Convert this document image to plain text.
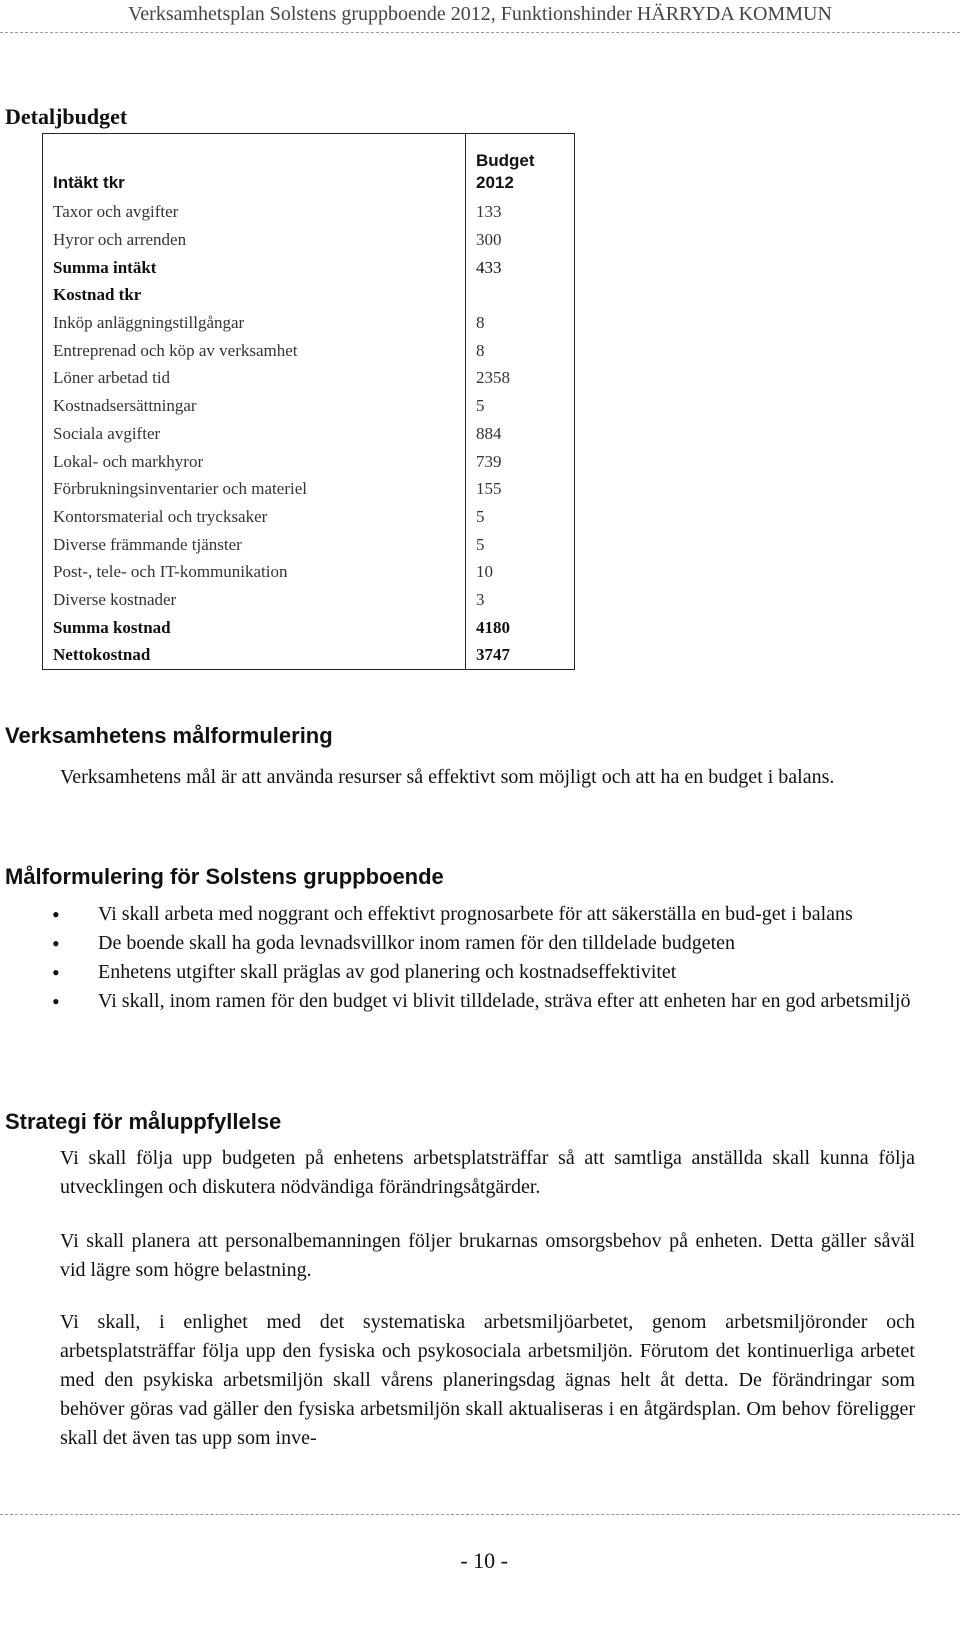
Verksamhetsplan Solstens gruppboende 2012, Funktionshinder HÄRRYDA KOMMUN
Detaljbudget
Intäkt tkr	Budget
2012

Taxor och avgifter	133
Hyror och arrenden	300
Summa intäkt	433
Kostnad tkr	
Inköp anläggningstillgångar	8
Entreprenad och köp av verksamhet	8
Löner arbetad tid	2358
Kostnadsersättningar	5
Sociala avgifter	884
Lokal- och markhyror	739
Förbrukningsinventarier och materiel	155
Kontorsmaterial och trycksaker	5
Diverse främmande tjänster	5
Post-, tele- och IT-kommunikation	10
Diverse kostnader	3
Summa kostnad	4180
Nettokostnad	3747
Verksamhetens målformulering

Verksamhetens mål är att använda resurser så effektivt som möjligt och att ha en budget i balans.

Målformulering för Solstens gruppboende
• Vi skall arbeta med noggrant och effektivt prognosarbete för att säkerställa en bud-get i balans
• De boende skall ha goda levnadsvillkor inom ramen för den tilldelade budgeten
• Enhetens utgifter skall präglas av god planering och kostnadseffektivitet
• Vi skall, inom ramen för den budget vi blivit tilldelade, sträva efter att enheten har en god arbetsmiljö
Strategi för måluppfyllelse

Vi skall följa upp budgeten på enhetens arbetsplatsträffar så att samtliga anställda skall kunna följa utvecklingen och diskutera nödvändiga förändringsåtgärder.

Vi skall planera att personalbemanningen följer brukarnas omsorgsbehov på enheten. Detta gäller såväl vid lägre som högre belastning.

Vi skall, i enlighet med det systematiska arbetsmiljöarbetet, genom arbetsmiljöronder och arbetsplatsträffar följa upp den fysiska och psykosociala arbetsmiljön. Förutom det kontinuerliga arbetet med den psykiska arbetsmiljön skall vårens planeringsdag ägnas helt åt detta. De förändringar som behöver göras vad gäller den fysiska arbetsmiljön skall aktualiseras i en åtgärdsplan. Om behov föreligger skall det även tas upp som inve-

- 10 -
